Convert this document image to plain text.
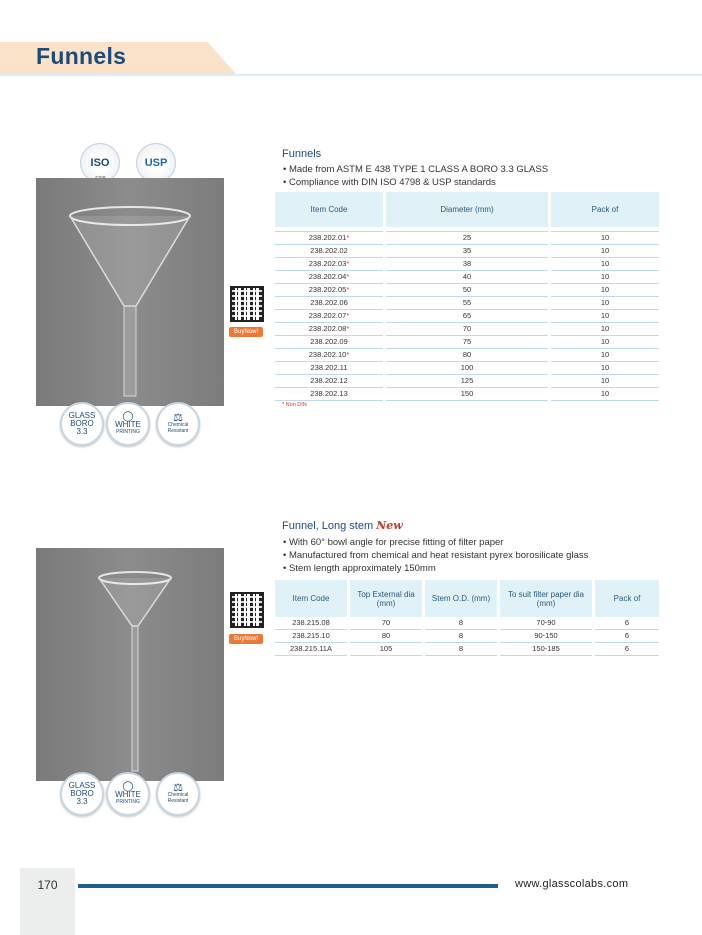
Funnels
ISO	USP
GLASS
BORO
3.3
◯
WHITE
PRINTING
⚖
Chemical
Resistant
BuyNow!
Funnels
• Made from ASTM E 438 TYPE 1 CLASS A BORO 3.3 GLASS
• Compliance with DIN ISO 4798 & USP standards
Item Code	Diameter (mm)	Pack of

238.202.01*	25	10
238.202.02	35	10
238.202.03*	38	10
238.202.04*	40	10
238.202.05*	50	10
238.202.06	55	10
238.202.07*	65	10
238.202.08*	70	10
238.202.09	75	10
238.202.10*	80	10
238.202.11	100	10
238.202.12	125	10
238.202.13	150	10
* Non DIN
GLASS
BORO
3.3
◯
WHITE
PRINTING
⚖
Chemical
Resistant
BuyNow!
Funnel, Long stem New
• With 60° bowl angle for precise fitting of filter paper
• Manufactured from chemical and heat resistant pyrex borosilicate glass
• Stem length approximately 150mm
Item Code	Top External dia (mm)	Stem O.D. (mm)	To suit filter paper dia (mm)	Pack of
238.215.08	70	8	70-90	6
238.215.10	80	8	90-150	6
238.215.11A	105	8	150-185	6
170	www.glasscolabs.com
